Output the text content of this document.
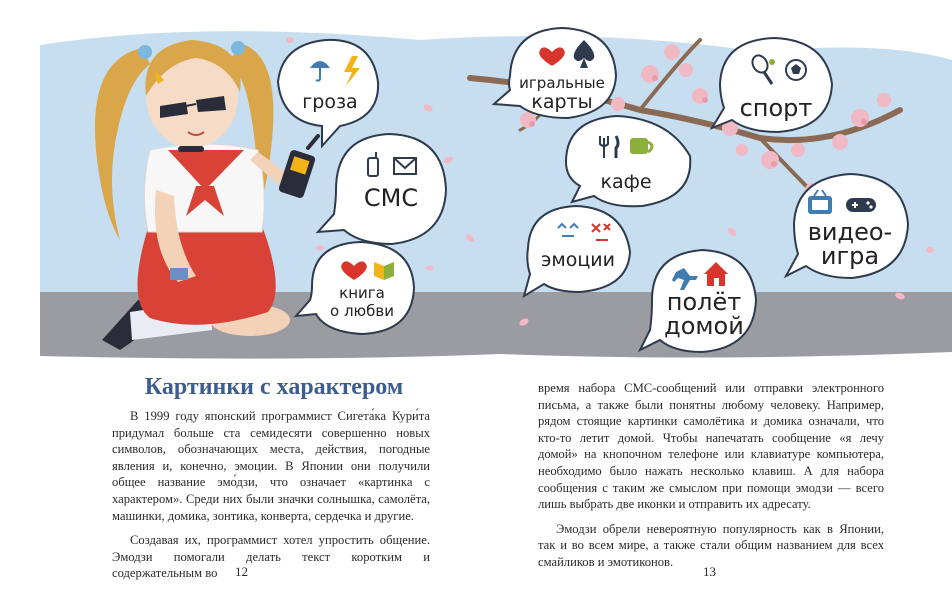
гроза
СМС
книга
о любви
игральные
карты
кафе
эмоции
полёт
домой
спорт
видео-
игра
Картинки с характером

В 1999 году японский программист Сигета́ка Кури́та придумал больше ста семидесяти совершенно новых символов, обозначающих места, действия, погодные явления и, конечно, эмоции. В Японии они получили общее название эмо́дзи, что означает «картинка с характером». Среди них были значки солнышка, самолёта, машинки, домика, зонтика, конверта, сердечка и другие.

Создавая их, программист хотел упростить общение. Эмодзи помогали делать текст коротким и содержательным во	12

время набора СМС-сообщений или отправки электронного письма, а также были понятны любому человеку. Например, рядом стоящие картинки самолётика и домика означали, что кто-то летит домой. Чтобы напечатать сообщение «я лечу домой» на кнопочном телефоне или клавиатуре компьютера, необходимо было нажать несколько клавиш. А для набора сообщения с таким же смыслом при помощи эмодзи — всего лишь выбрать две иконки и отправить их адресату.

Эмодзи обрели невероятную популярность как в Японии, так и во всем мире, а также стали общим названием для всех смайликов и эмотиконов.

13
